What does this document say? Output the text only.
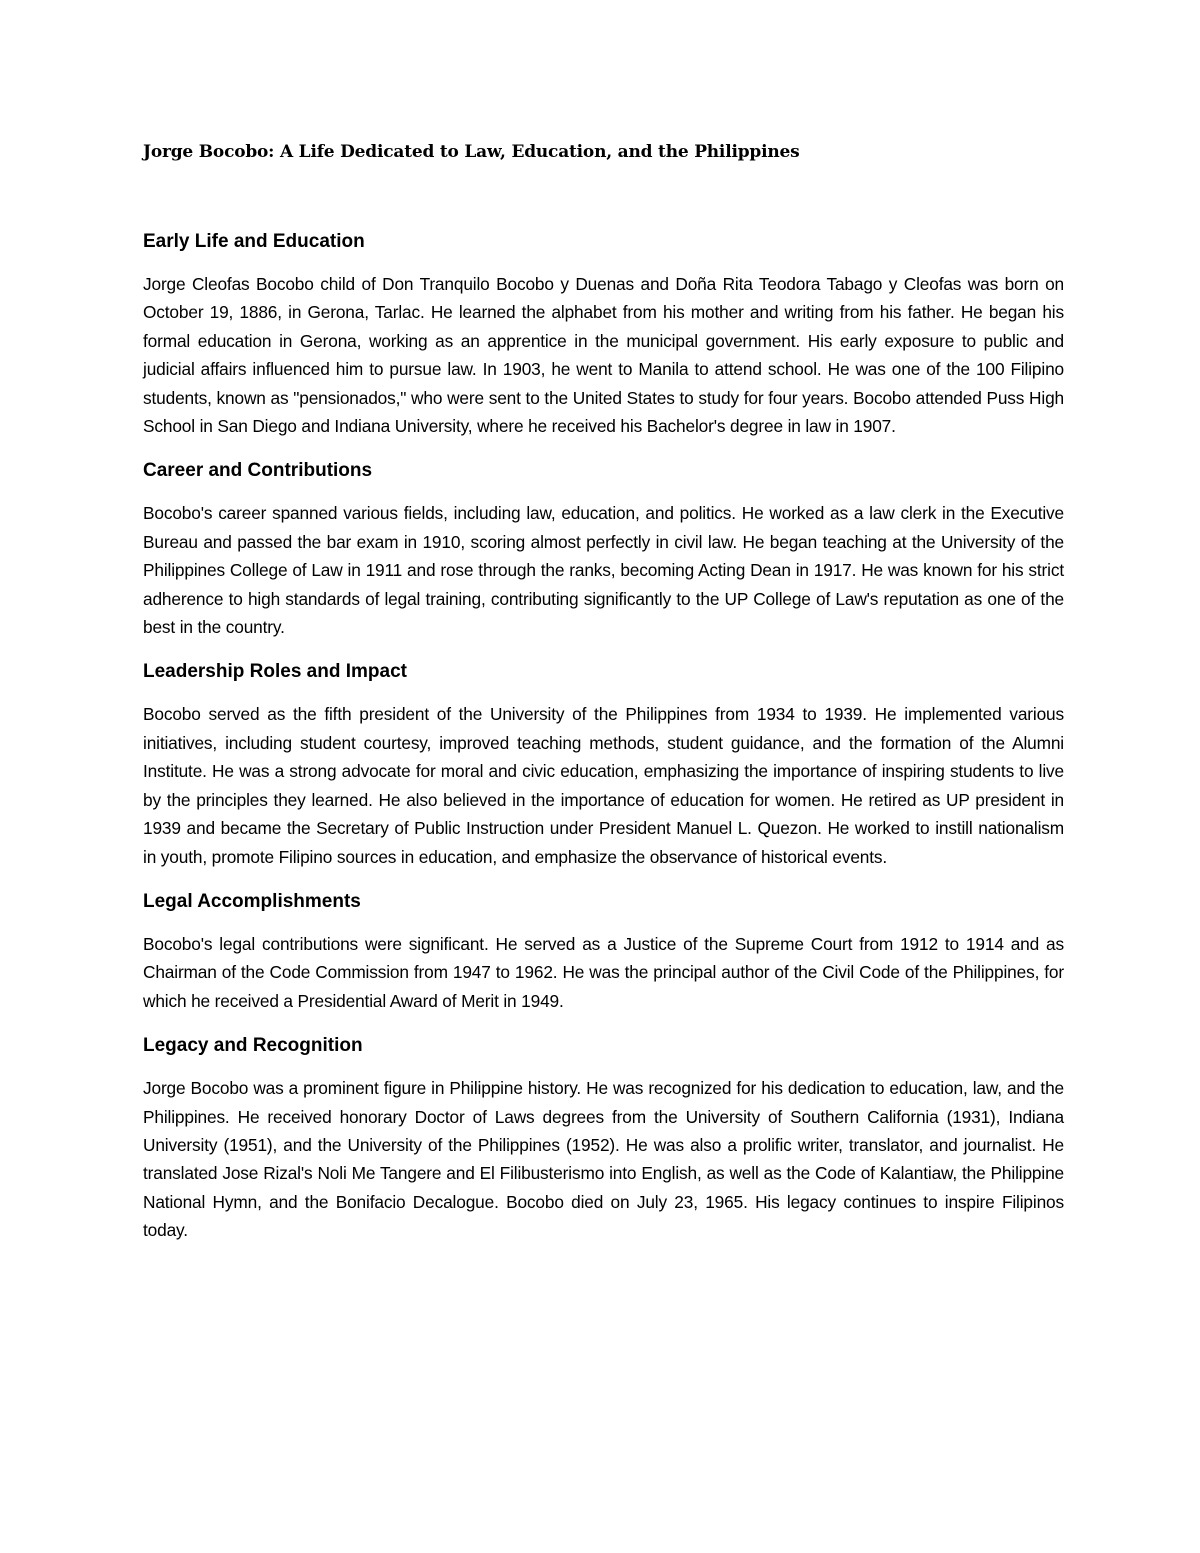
Jorge Bocobo: A Life Dedicated to Law, Education, and the Philippines
Early Life and Education

Jorge Cleofas Bocobo child of Don Tranquilo Bocobo y Duenas and Doña Rita Teodora Tabago y Cleofas was born on October 19, 1886, in Gerona, Tarlac. He learned the alphabet from his mother and writing from his father. He began his formal education in Gerona, working as an apprentice in the municipal government. His early exposure to public and judicial affairs influenced him to pursue law. In 1903, he went to Manila to attend school. He was one of the 100 Filipino students, known as "pensionados," who were sent to the United States to study for four years. Bocobo attended Puss High School in San Diego and Indiana University, where he received his Bachelor's degree in law in 1907.

Career and Contributions

Bocobo's career spanned various fields, including law, education, and politics. He worked as a law clerk in the Executive Bureau and passed the bar exam in 1910, scoring almost perfectly in civil law. He began teaching at the University of the Philippines College of Law in 1911 and rose through the ranks, becoming Acting Dean in 1917. He was known for his strict adherence to high standards of legal training, contributing significantly to the UP College of Law's reputation as one of the best in the country.

Leadership Roles and Impact

Bocobo served as the fifth president of the University of the Philippines from 1934 to 1939. He implemented various initiatives, including student courtesy, improved teaching methods, student guidance, and the formation of the Alumni Institute. He was a strong advocate for moral and civic education, emphasizing the importance of inspiring students to live by the principles they learned. He also believed in the importance of education for women. He retired as UP president in 1939 and became the Secretary of Public Instruction under President Manuel L. Quezon. He worked to instill nationalism in youth, promote Filipino sources in education, and emphasize the observance of historical events.

Legal Accomplishments

Bocobo's legal contributions were significant. He served as a Justice of the Supreme Court from 1912 to 1914 and as Chairman of the Code Commission from 1947 to 1962. He was the principal author of the Civil Code of the Philippines, for which he received a Presidential Award of Merit in 1949.

Legacy and Recognition

Jorge Bocobo was a prominent figure in Philippine history. He was recognized for his dedication to education, law, and the Philippines. He received honorary Doctor of Laws degrees from the University of Southern California (1931), Indiana University (1951), and the University of the Philippines (1952). He was also a prolific writer, translator, and journalist. He translated Jose Rizal's Noli Me Tangere and El Filibusterismo into English, as well as the Code of Kalantiaw, the Philippine National Hymn, and the Bonifacio Decalogue. Bocobo died on July 23, 1965. His legacy continues to inspire Filipinos today.
